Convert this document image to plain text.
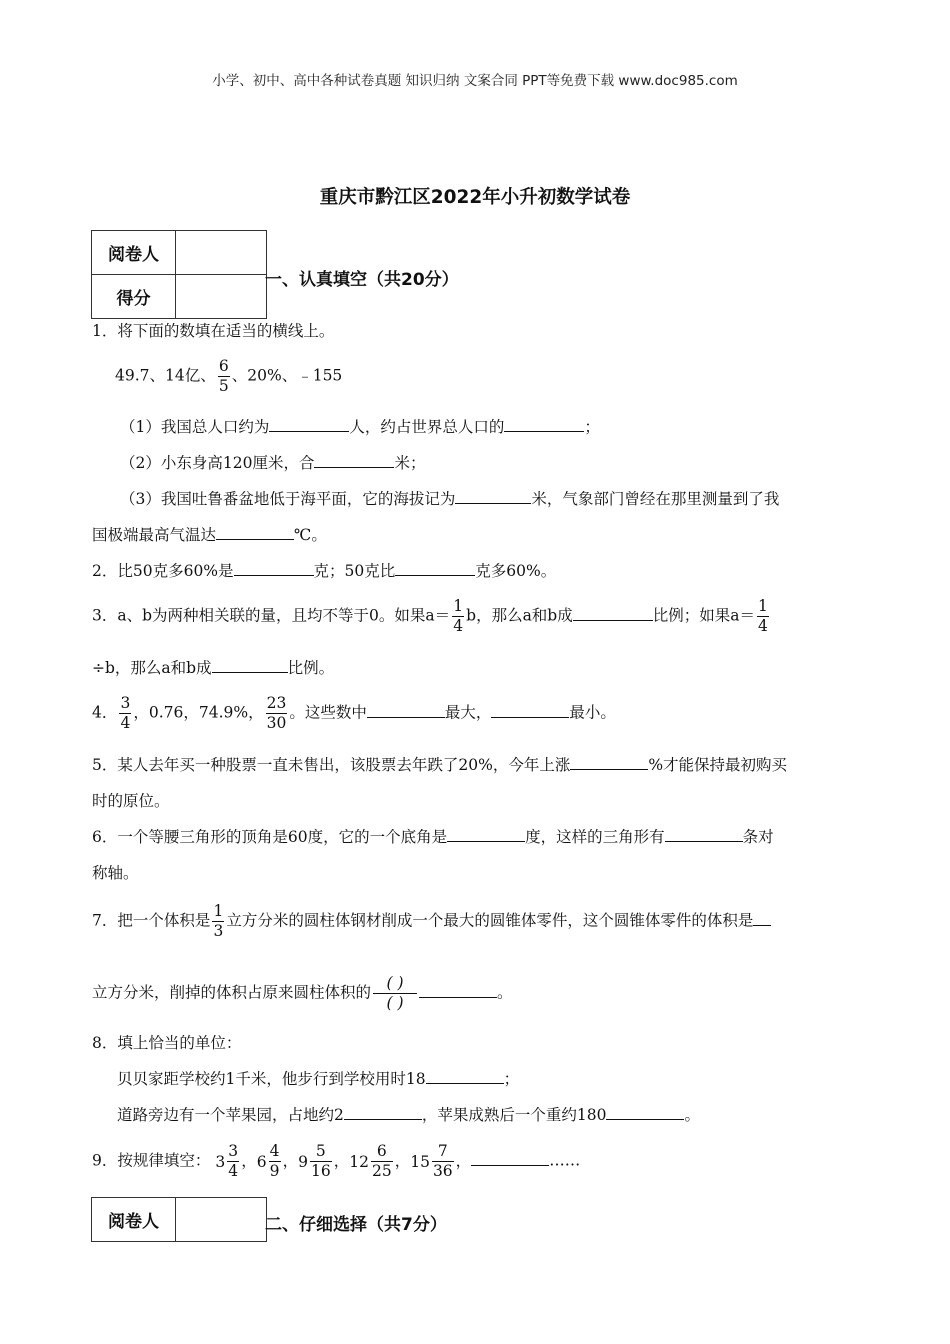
小学、初中、高中各种试卷真题 知识归纳 文案合同 PPT等免费下载 www.doc985.com
重庆市黔江区2022年小升初数学试卷
阅卷人	
得分	
一、认真填空（共20分）
1．将下面的数填在适当的横线上。
49.7、14亿、 $\frac{6}{5}$ 、20%、﹣155
（1）我国总人口约为	人，约占世界总人口的	；
（2）小东身高120厘米，合	米；
（3）我国吐鲁番盆地低于海平面，它的海拔记为	米，气象部门曾经在那里测量到了我
国极端最高气温达	℃。
2．比50克多60%是	克；50克比	克多60%。
3．a、b为两种相关联的量，且均不等于0。如果$a= \frac{1}{4}$ b，那么a和b成	比例；如果$a= \frac{1}{4}$
÷b，那么a和b成	比例。
4． $\frac{3}{4}$ ，0.76，74.9%， $\frac{23}{30}$ 。这些数中	最大，	最小。
5．某人去年买一种股票一直未售出，该股票去年跌了20%，今年上涨	%才能保持最初购买
时的原位。
6．一个等腰三角形的顶角是60度，它的一个底角是	度，这样的三角形有	条对
称轴。
7．把一个体积是 $\frac{1}{3}$ 立方分米的圆柱体钢材削成一个最大的圆锥体零件，这个圆锥体零件的体积是
立方分米，削掉的体积占原来圆柱体积的 $\frac{( )}{( )}$	。
8．填上恰当的单位：
贝贝家距学校约1千米，他步行到学校用时18	；
道路旁边有一个苹果园，占地约2	，苹果成熟后一个重约180	。
9．按规律填空： $3 \frac{3}{4}$ ， $6 \frac{4}{9}$ ， $9 \frac{5}{16}$ ， $12 \frac{6}{25}$ ， $15 \frac{7}{36}$ ，	……
阅卷人		二、仔细选择（共7分）
